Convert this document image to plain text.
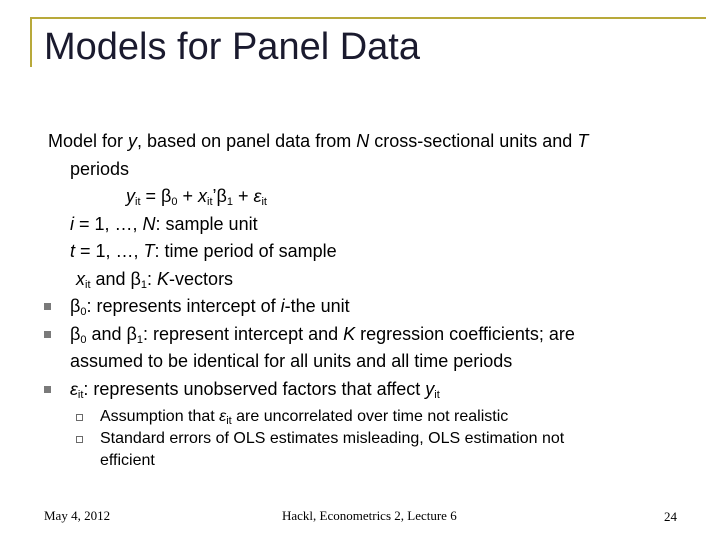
Models for Panel Data
Model for y, based on panel data from N cross-sectional units and T
periods
$y_{it} = \beta_0$ + $x_{it}’\beta_1 + \varepsilon_{it}$
i = 1, …, N: sample unit
t = 1, …, T: time period of sample
$x_{it}$ and $\beta_1$: K-vectors
$\beta_0$: represents intercept of i-the unit
$\beta_0$ and $\beta_1$: represent intercept and K regression coefficients; are
assumed to be identical for all units and all time periods
$\varepsilon_{it}$: represents unobserved factors that affect $y_{it}$
Assumption that $\varepsilon_{it}$ are uncorrelated over time not realistic
Standard errors of OLS estimates misleading, OLS estimation not
efficient
May 4, 2012	Hackl, Econometrics 2, Lecture 6	24
